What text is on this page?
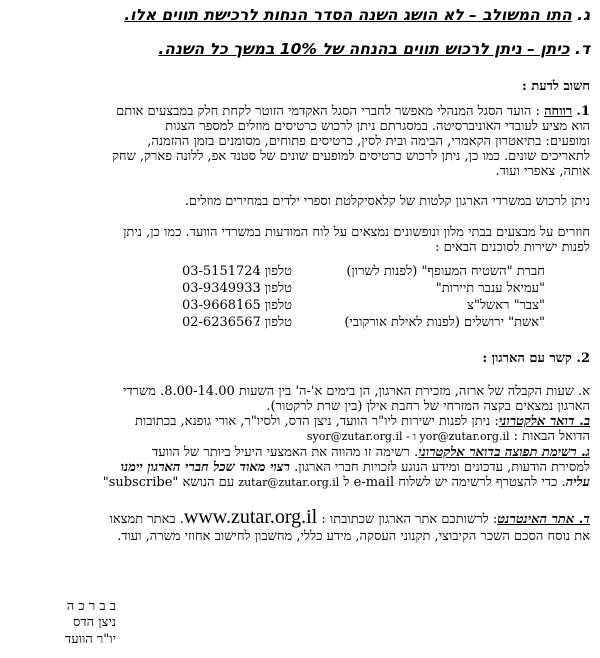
ג. התו המשולב – לא הושג השנה הסדר הנחות לרכישת תווים אלו.
ד. כיתן – ניתן לרכוש תווים בהנחה של 10% במשך כל השנה.
חשוב לדעת :
1. רווחה : הועד הסגל המנהלי מאפשר לחברי הסגל האקדמי הזוטר לקחת חלק במבצעים אותם
הוא מציע לעובדי האוניברסיטה. במסגרתם ניתן לרכוש כרטיסים מוזלים למספר הצגות
ומופעים: בתיאטרון הקאמרי, הבימה ובית לסין, כרטיסים פתוחים, מסומנים בזמן ההזמנה,
לתאריכים שונים. כמו כן, ניתן לרכוש כרטיסים למופעים שונים של סטנד אפ, ללונה פארק, שחק
אותה, צאפרי ועוד.
ניתן לרכוש במשרדי הארגון קלטות של קלאסיקלטת וספרי ילדים במחירים מוזלים.
חוזרים על מבצעים בבתי מלון ונופשונים נמצאים על לוח המודעות במשרדי הוועד. כמו כן, ניתן
לפנות ישירות לסוכנים הבאים :
חברת "השטיח המעופף" (לפנות לשרון)
טלפון :
03-5151724
"עמיאל ענבר תיירות"
טלפון :
03-9349933
"צבר" ראשל"צ
טלפון :
03-9668165
"אשת" ירושלים (לפנות לאילת אורקובי)
טלפון :
02-6236567
2. קשר עם הארגון :
א. שעות הקבלה של ארזה, מזכירת הארגון, הן בימים א'-ה' בין השעות 8.00-14.00. משרדי
הארגון נמצאים בקצה המזרחי של רחבת אילן (בין שרת לרקטור).
ב. דואר אלקטרוני: ניתן לפנות ישירות ליו"ר הוועד, ניצן הדס, ולסיו"ר, אורי גופנא, בכתובות
הדואל הבאות : syor@zutar.org.il - ו yor@zutar.org.il
ג. רשימת תפוצה בדואר אלקטרוני. רשימה זו מהווה את האמצעי היעיל ביותר של הוועד
למסירת הודעות, עדכונים ומידע הנוגע לזכויות חברי הארגון. רצוי מאוד שכל חברי הארגון יימנו
עליה. כדי להצטרף לרשימה יש לשלוח e-mail ל zutar@zutar.org.il עם הנושא "subscribe"
ד. אתר האינטרנט: לרשותכם אתר הארגון שכתובתו : www.zutar.org.il. באתר תמצאו
את נוסח הסכם השכר הקיבוצי, תקנוני העסקה, מידע כללי, מחשבון לחישוב אחוזי משרה, ועוד.
ב ב ר כ ה
ניצן הדס
יו"ר הוועד
